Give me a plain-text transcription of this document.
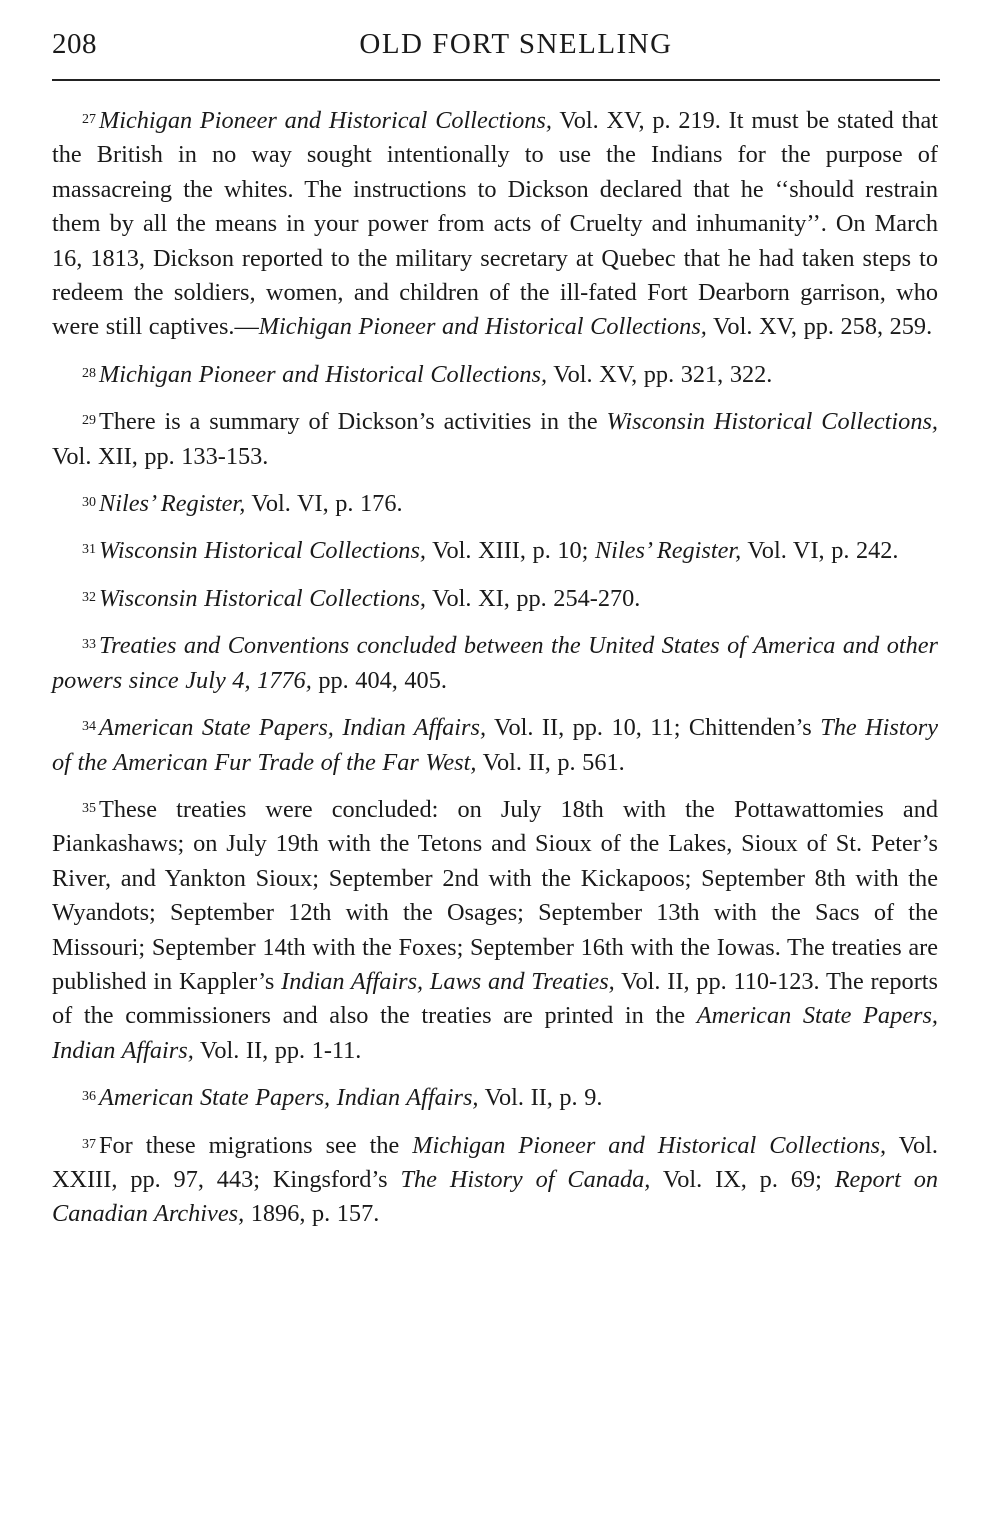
208	OLD FORT SNELLING

$^{27}$ Michigan Pioneer and Historical Collections, Vol. XV, p. 219. It must be stated that the British in no way sought intentionally to use the Indians for the purpose of massacreing the whites. The instructions to Dickson declared that he ‘‘should restrain them by all the means in your power from acts of Cruelty and inhumanity’’. On March 16, 1813, Dickson reported to the military secretary at Quebec that he had taken steps to redeem the soldiers, women, and children of the ill-fated Fort Dearborn garrison, who were still captives.—Michigan Pioneer and Historical Collections, Vol. XV, pp. 258, 259.

$^{28}$ Michigan Pioneer and Historical Collections, Vol. XV, pp. 321, 322.

$^{29}$ There is a summary of Dickson’s activities in the Wisconsin Historical Collections, Vol. XII, pp. 133-153.

$^{30}$ Niles’ Register, Vol. VI, p. 176.

$^{31}$ Wisconsin Historical Collections, Vol. XIII, p. 10; Niles’ Register, Vol. VI, p. 242.

$^{32}$ Wisconsin Historical Collections, Vol. XI, pp. 254-270.

$^{33}$ Treaties and Conventions concluded between the United States of America and other powers since July 4, 1776, pp. 404, 405.

$^{34}$ American State Papers, Indian Affairs, Vol. II, pp. 10, 11; Chittenden’s The History of the American Fur Trade of the Far West, Vol. II, p. 561.

$^{35}$ These treaties were concluded: on July 18th with the Pottawattomies and Piankashaws; on July 19th with the Tetons and Sioux of the Lakes, Sioux of St. Peter’s River, and Yankton Sioux; September 2nd with the Kickapoos; September 8th with the Wyandots; September 12th with the Osages; September 13th with the Sacs of the Missouri; September 14th with the Foxes; September 16th with the Iowas. The treaties are published in Kappler’s Indian Affairs, Laws and Treaties, Vol. II, pp. 110-123. The reports of the commissioners and also the treaties are printed in the American State Papers, Indian Affairs, Vol. II, pp. 1-11.

$^{36}$ American State Papers, Indian Affairs, Vol. II, p. 9.

$^{37}$ For these migrations see the Michigan Pioneer and Historical Collections, Vol. XXIII, pp. 97, 443; Kingsford’s The History of Canada, Vol. IX, p. 69; Report on Canadian Archives, 1896, p. 157.
